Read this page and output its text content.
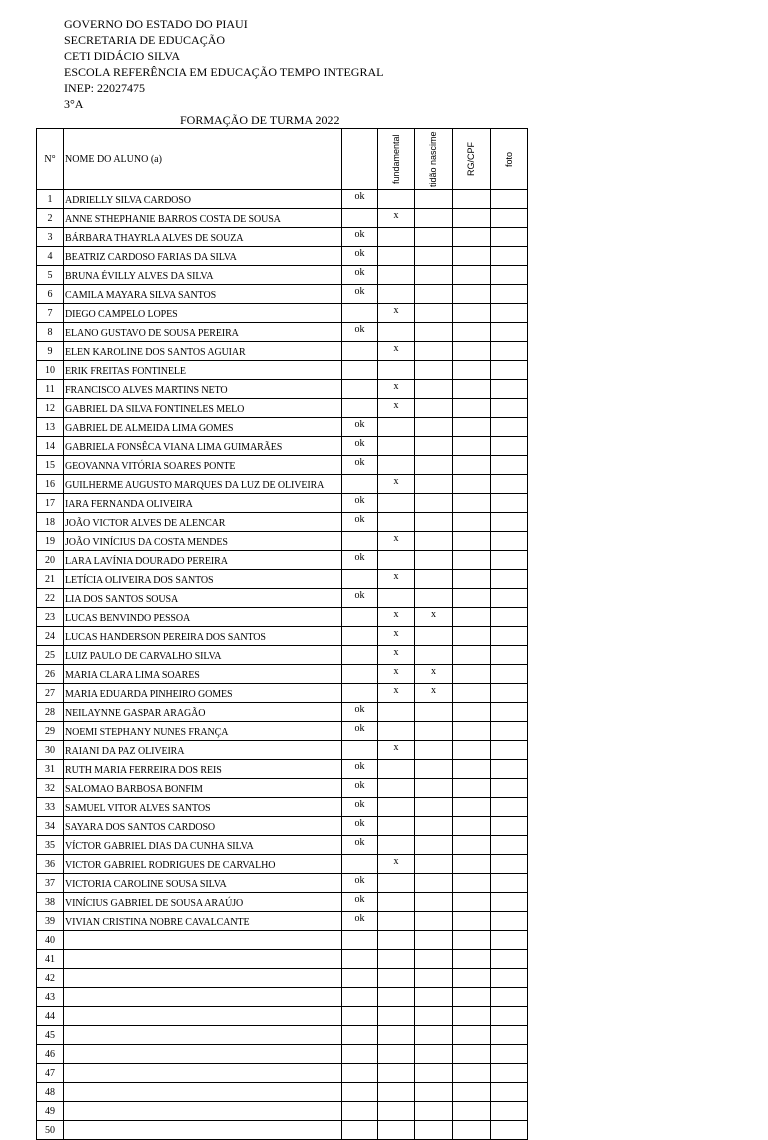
GOVERNO DO ESTADO DO PIAUI
SECRETARIA DE EDUCAÇÃO
CETI DIDÁCIO SILVA
ESCOLA REFERÊNCIA EM EDUCAÇÃO TEMPO INTEGRAL
INEP: 22027475
3°A
FORMAÇÃO DE TURMA 2022
N°	NOME DO ALUNO (a)		fundamental	tidão nascime	RG/CPF	foto

1	ADRIELLY SILVA CARDOSO	ok				
2	ANNE STHEPHANIE BARROS COSTA DE SOUSA		x			
3	BÁRBARA THAYRLA ALVES DE SOUZA	ok				
4	BEATRIZ CARDOSO FARIAS DA SILVA	ok				
5	BRUNA ÉVILLY ALVES DA SILVA	ok				
6	CAMILA MAYARA SILVA SANTOS	ok				
7	DIEGO CAMPELO LOPES		x			
8	ELANO GUSTAVO DE SOUSA PEREIRA	ok				
9	ELEN KAROLINE DOS SANTOS AGUIAR		x			
10	ERIK FREITAS FONTINELE					
11	FRANCISCO ALVES MARTINS NETO		x			
12	GABRIEL DA SILVA FONTINELES MELO		x			
13	GABRIEL DE ALMEIDA LIMA GOMES	ok				
14	GABRIELA FONSÊCA VIANA LIMA GUIMARÃES	ok				
15	GEOVANNA VITÓRIA SOARES PONTE	ok				
16	GUILHERME AUGUSTO MARQUES DA LUZ DE OLIVEIRA		x			
17	IARA FERNANDA OLIVEIRA	ok				
18	JOÃO VICTOR ALVES DE ALENCAR	ok				
19	JOÃO VINÍCIUS DA COSTA MENDES		x			
20	LARA LAVÍNIA DOURADO PEREIRA	ok				
21	LETÍCIA OLIVEIRA DOS SANTOS		x			
22	LIA DOS SANTOS SOUSA	ok				
23	LUCAS BENVINDO PESSOA		x	x		
24	LUCAS HANDERSON PEREIRA DOS SANTOS		x			
25	LUIZ PAULO DE CARVALHO SILVA		x			
26	MARIA CLARA LIMA SOARES		x	x		
27	MARIA EDUARDA PINHEIRO GOMES		x	x		
28	NEILAYNNE GASPAR ARAGÃO	ok				
29	NOEMI STEPHANY NUNES FRANÇA	ok				
30	RAIANI DA PAZ OLIVEIRA		x			
31	RUTH MARIA FERREIRA DOS REIS	ok				
32	SALOMAO BARBOSA BONFIM	ok				
33	SAMUEL VITOR ALVES SANTOS	ok				
34	SAYARA DOS SANTOS CARDOSO	ok				
35	VÍCTOR GABRIEL DIAS DA CUNHA SILVA	ok				
36	VICTOR GABRIEL RODRIGUES DE CARVALHO		x			
37	VICTORIA CAROLINE SOUSA SILVA	ok				
38	VINÍCIUS GABRIEL DE SOUSA ARAÚJO	ok				
39	VIVIAN CRISTINA NOBRE CAVALCANTE	ok				
40						
41						
42						
43						
44						
45						
46						
47						
48						
49						
50						
